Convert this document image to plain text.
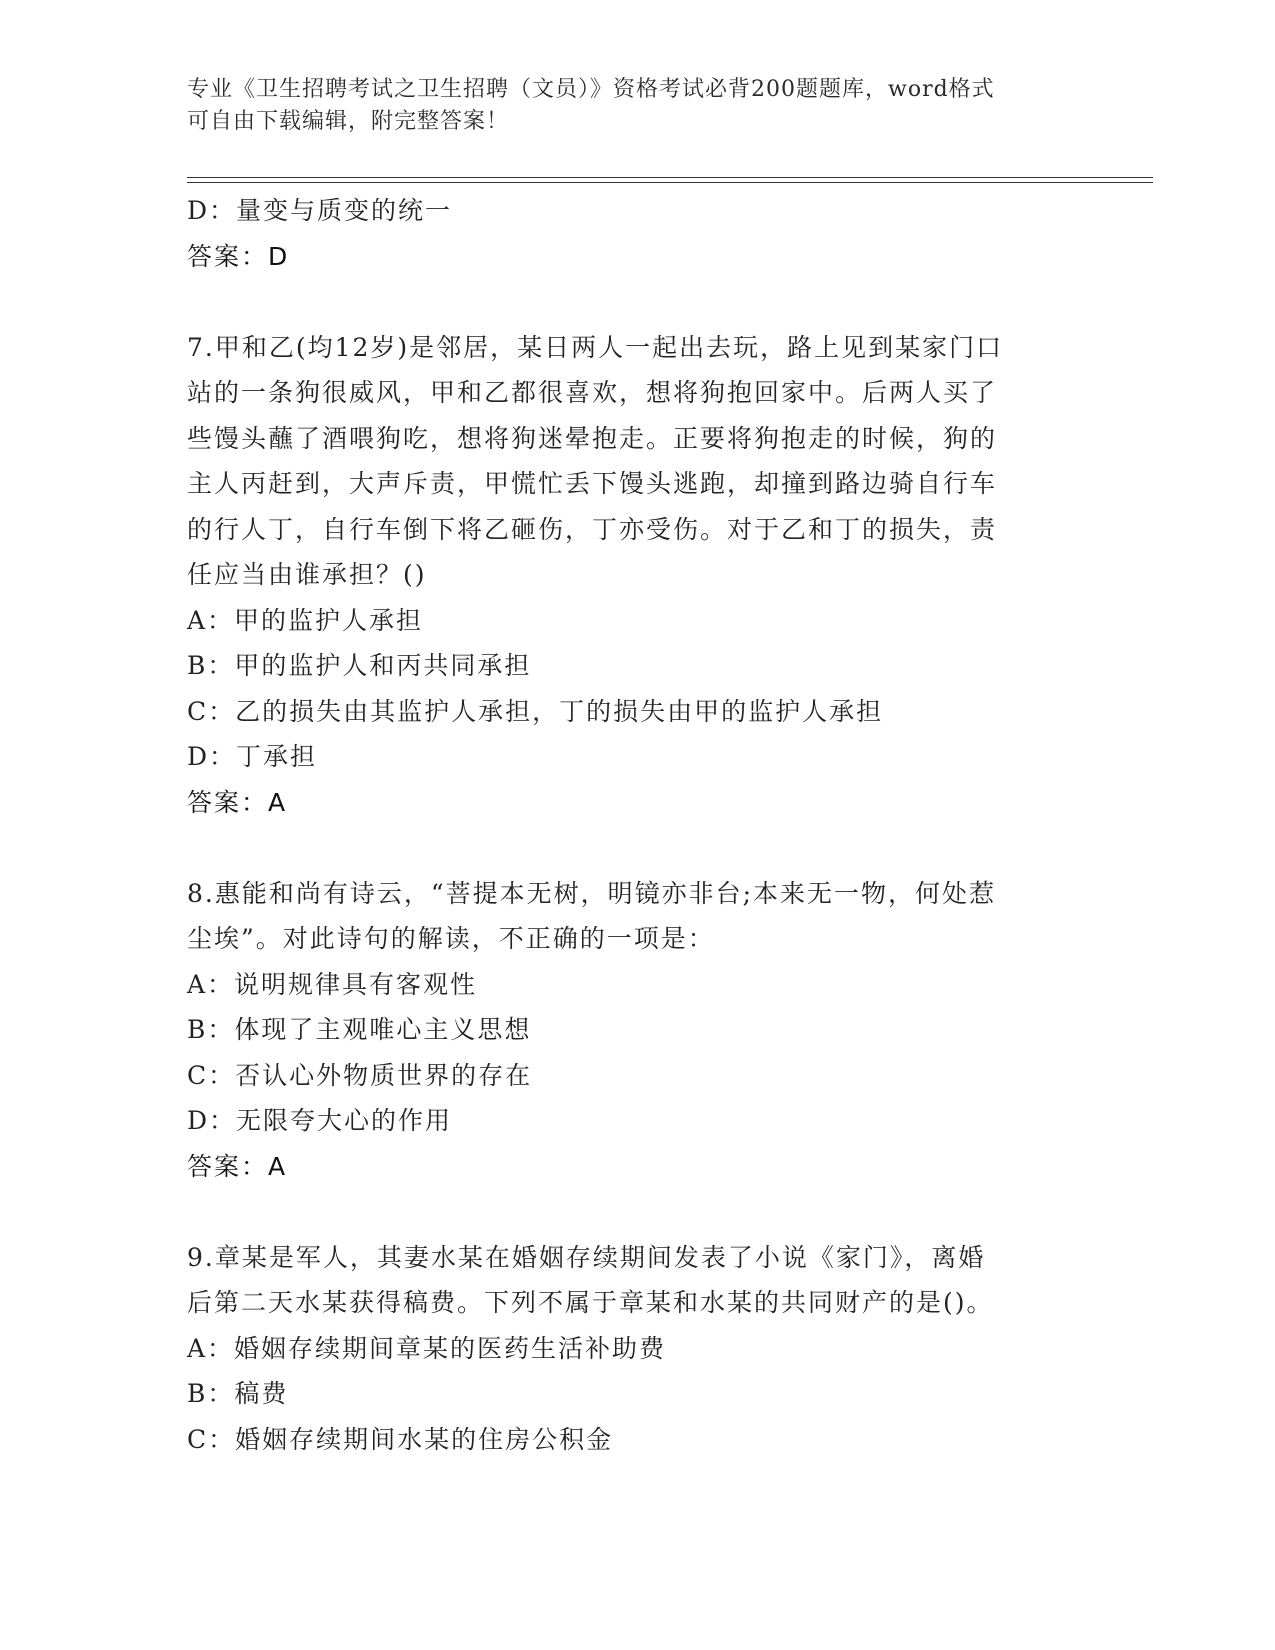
专业《卫生招聘考试之卫生招聘（文员）》资格考试必背200题题库，word格式
可自由下载编辑，附完整答案！
D：量变与质变的统一
答案：D
7.甲和乙(均12岁)是邻居，某日两人一起出去玩，路上见到某家门口
站的一条狗很威风，甲和乙都很喜欢，想将狗抱回家中。后两人买了
些馒头蘸了酒喂狗吃，想将狗迷晕抱走。正要将狗抱走的时候，狗的
主人丙赶到，大声斥责，甲慌忙丢下馒头逃跑，却撞到路边骑自行车
的行人丁，自行车倒下将乙砸伤，丁亦受伤。对于乙和丁的损失，责
任应当由谁承担？()
A：甲的监护人承担
B：甲的监护人和丙共同承担
C：乙的损失由其监护人承担，丁的损失由甲的监护人承担
D：丁承担
答案：A
8.惠能和尚有诗云，“菩提本无树，明镜亦非台;本来无一物，何处惹
尘埃”。对此诗句的解读，不正确的一项是：
A：说明规律具有客观性
B：体现了主观唯心主义思想
C：否认心外物质世界的存在
D：无限夸大心的作用
答案：A
9.章某是军人，其妻水某在婚姻存续期间发表了小说《家门》，离婚
后第二天水某获得稿费。下列不属于章某和水某的共同财产的是()。
A：婚姻存续期间章某的医药生活补助费
B：稿费
C：婚姻存续期间水某的住房公积金
